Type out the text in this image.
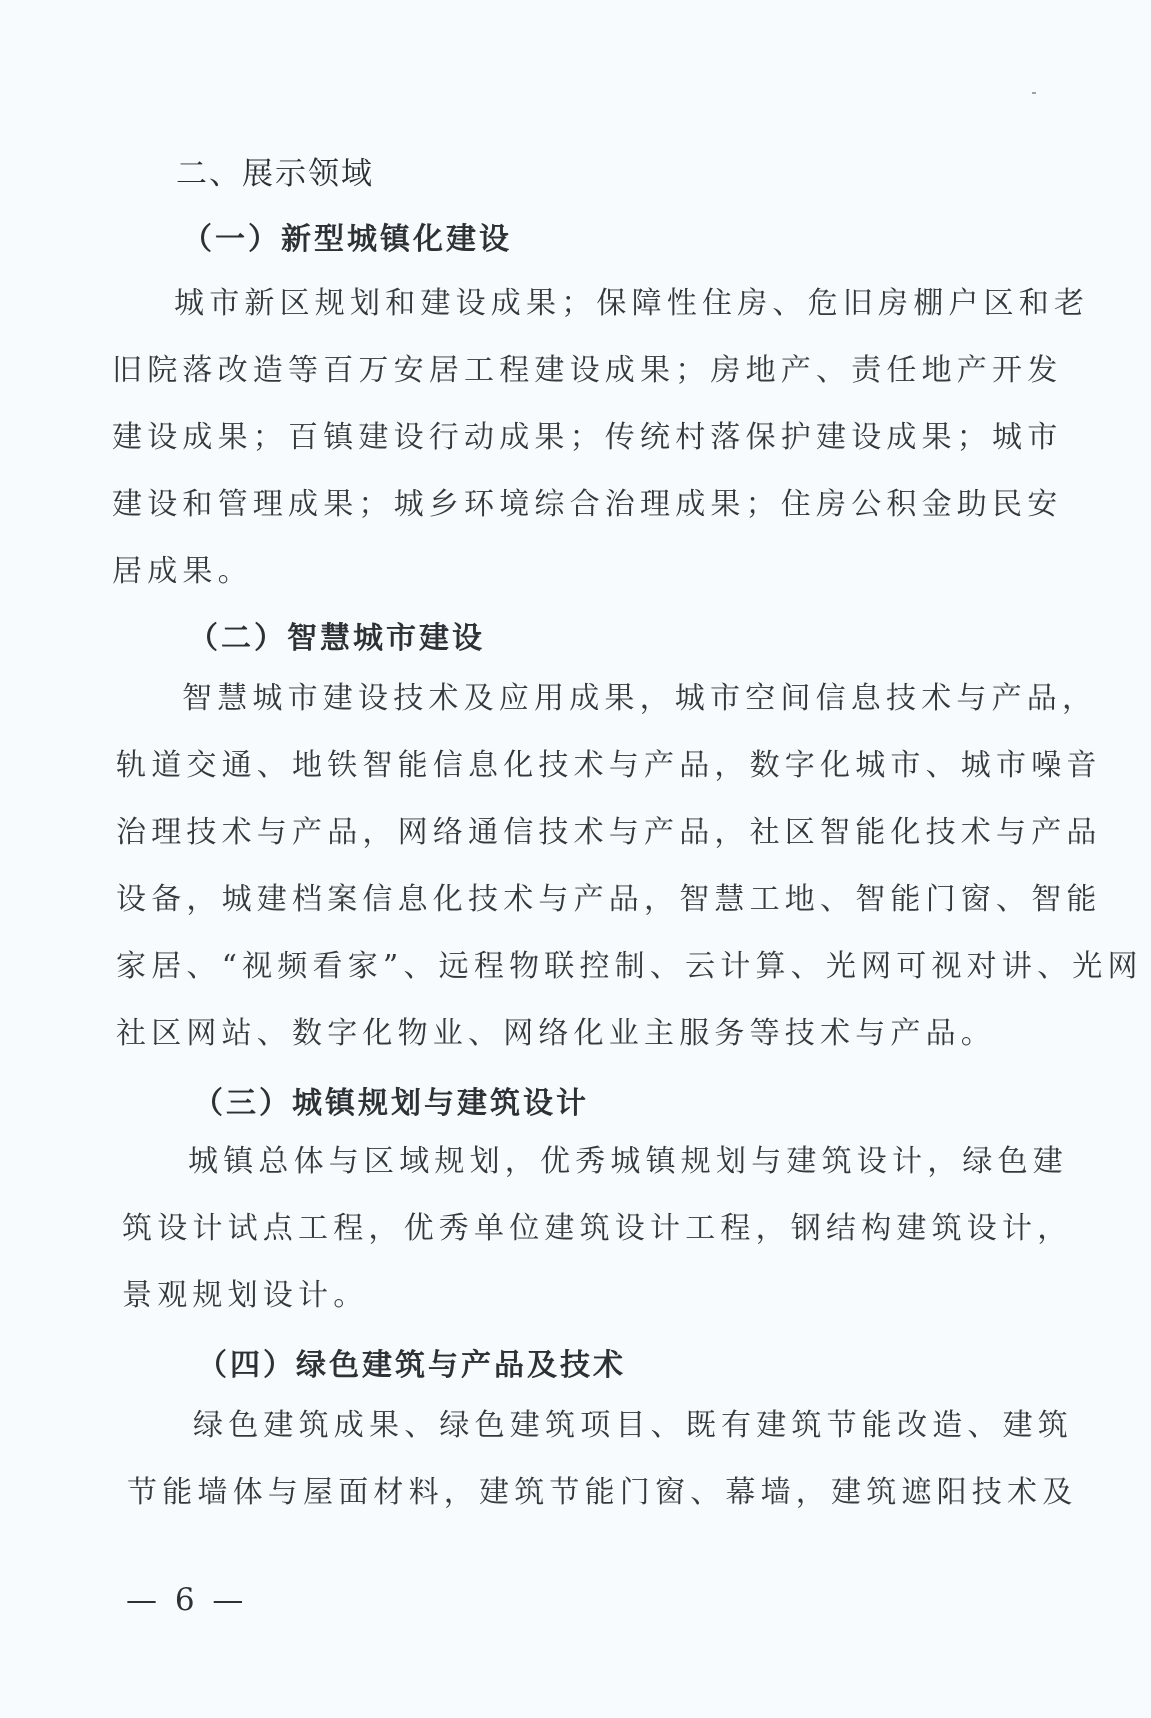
二、展示领域
（一）新型城镇化建设
城市新区规划和建设成果；保障性住房、危旧房棚户区和老
旧院落改造等百万安居工程建设成果；房地产、责任地产开发
建设成果；百镇建设行动成果；传统村落保护建设成果；城市
建设和管理成果；城乡环境综合治理成果；住房公积金助民安
居成果。
（二）智慧城市建设
智慧城市建设技术及应用成果，城市空间信息技术与产品，
轨道交通、地铁智能信息化技术与产品，数字化城市、城市噪音
治理技术与产品，网络通信技术与产品，社区智能化技术与产品
设备，城建档案信息化技术与产品，智慧工地、智能门窗、智能
家居、“视频看家”、远程物联控制、云计算、光网可视对讲、光网
社区网站、数字化物业、网络化业主服务等技术与产品。
（三）城镇规划与建筑设计
城镇总体与区域规划，优秀城镇规划与建筑设计，绿色建
筑设计试点工程，优秀单位建筑设计工程，钢结构建筑设计，
景观规划设计。
（四）绿色建筑与产品及技术
绿色建筑成果、绿色建筑项目、既有建筑节能改造、建筑
节能墙体与屋面材料，建筑节能门窗、幕墙，建筑遮阳技术及
— 6 —
